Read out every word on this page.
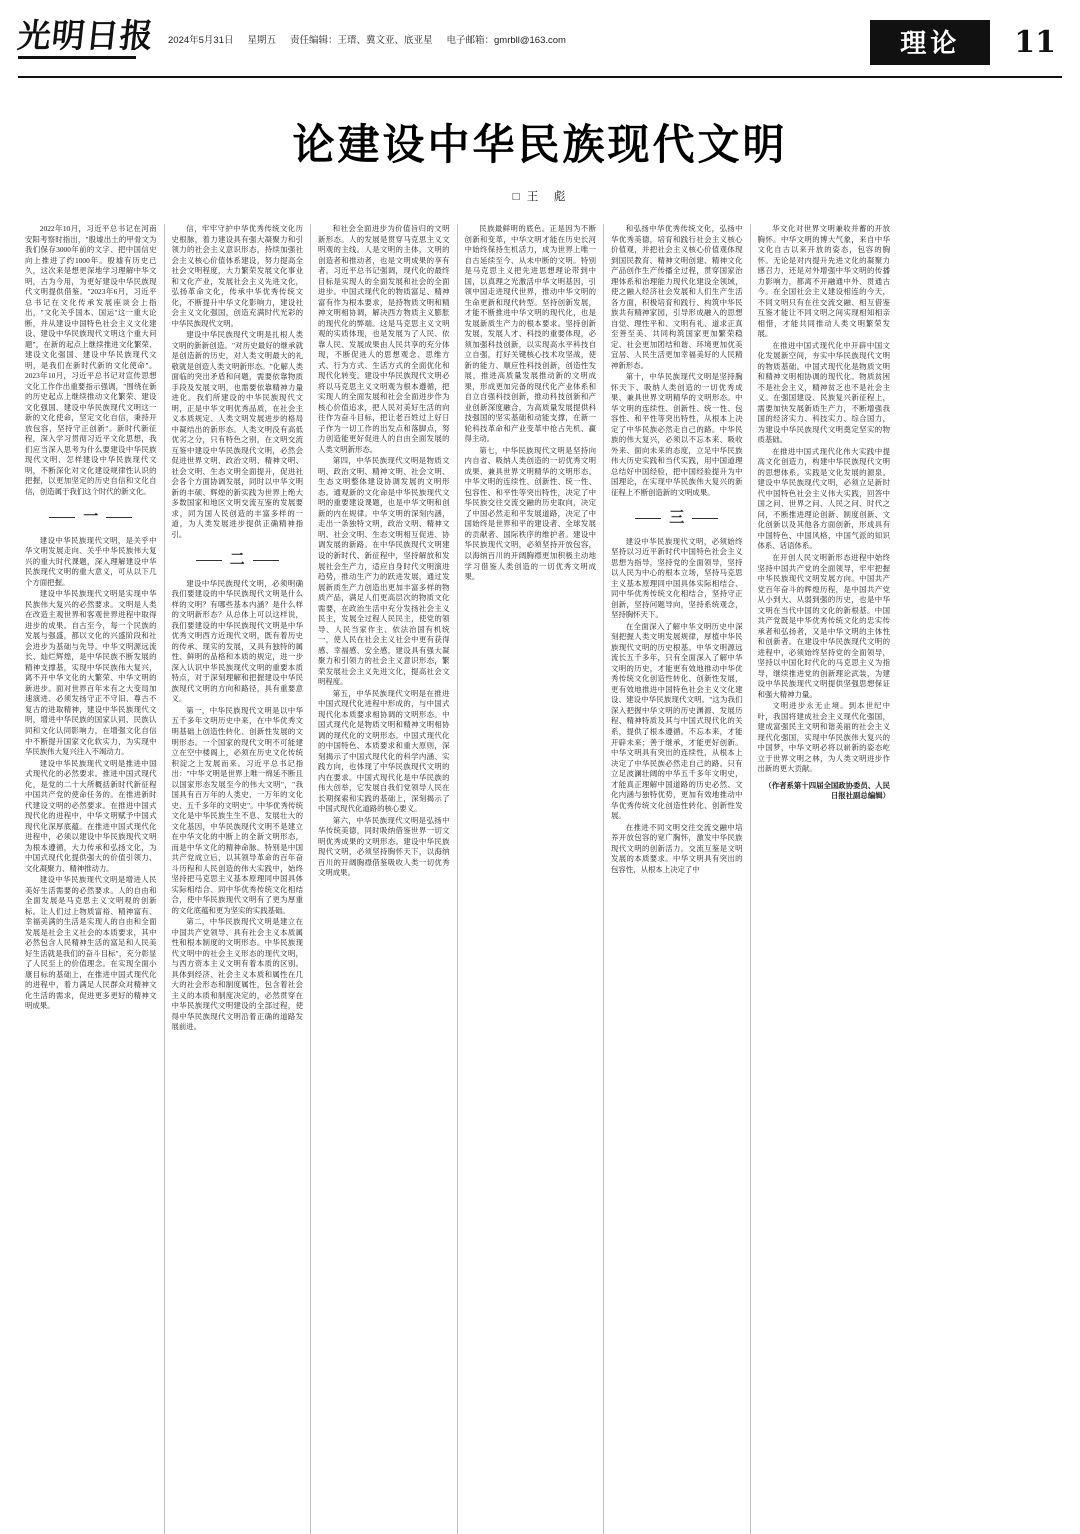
光明日报 2024年5月31日 星期五 责任编辑：王瑨、冀文亚、底亚星 电子邮箱：gmrbll@163.com	理论	11
论建设中华民族现代文明
□ 王　彪

2022年10月，习近平总书记在河南安阳考察时指出，"殷墟出土的甲骨文为我们保存3000年前的文字、把中国信史向上推进了约1000年。殷墟有历史已久，这次来是想更深地学习理解中华文明，古为今用，为更好建设中华民族现代文明提供借鉴。"2023年6月，习近平总书记在文化传承发展座谈会上指出，"文化关乎国本、国运"这一重大论断，并从建设中国特色社会主义文化建设、建设中华民族现代文明这个重大问题"，在新的起点上继续推进文化繁荣、建设文化强国、建设中华民族现代文明，是我们在新时代新的文化使命"。2023年10月，习近平总书记对宣传思想文化工作作出重要指示强调，"围绕在新的历史起点上继续推动文化繁荣、建设文化强国、建设中华民族现代文明这一新的文化使命，坚定文化自信，秉持开放包容，坚持守正创新"。新时代新征程，深入学习贯彻习近平文化思想，我们应当深入思考为什么要建设中华民族现代文明、怎样建设中华民族现代文明，不断深化对文化建设规律性认识的把握，以更加坚定的历史自信和文化自信，创造属于我们这个时代的新文化。

一

建设中华民族现代文明，是关乎中华文明发展走向、关乎中华民族伟大复兴的重大时代课题，深入理解建设中华民族现代文明的重大意义，可从以下几个方面把握。

建设中华民族现代文明是实现中华民族伟大复兴的必然要求。文明是人类在改造主观世界和客观世界进程中取得进步的成果。自古至今，每一个民族的发展与强盛，都以文化的兴盛阶段和社会进步为基础与先导。中华文明源远流长、灿烂辉煌，是中华民族不断发展的精神支撑基，实现中华民族伟大复兴，离不开中华文化的大繁荣、中华文明的新进步。面对世界百年未有之大变局加速演进、必须发扬守正不守旧、尊古不复古的进取精神，建设中华民族现代文明，增进中华民族的国家认同、民族认同和文化认同影响力，在增强文化自信中不断提升国家文化软实力，为实现中华民族伟大复兴注入不竭动力。

建设中华民族现代文明是推进中国式现代化的必然要求。推进中国式现代化，是党的二十大所概括新时代新征程中国共产党的使命任务的。在推进新时代建设文明的必然要求。在推进中国式现代化的进程中，中华文明赋予中国式现代化深厚底蕴。在推进中国式现代化进程中，必须以建设中华民族现代文明为根本遵循，大力传承和弘扬文化，为中国式现代化提供强大的价值引领力、文化凝聚力、精神推动力。

建设中华民族现代文明是增进人民美好生活需要的必然要求。人的自由和全面发展是马克思主义文明观的创新标。让人们过上物质富裕、精神富有、幸福美满的生活是实现人的自由和全面发展是社会主义社会的本质要求，其中必然包含人民精神生活的富足和人民美好生活就是我们的奋斗目标"，充分彰显了人民至上的价值理念。在实现全面小康目标的基础上，在推进中国式现代化的进程中，着力满足人民群众对精神文化生活的需求，促进更多更好的精神文明成果。

信，牢牢守护中华优秀传统文化历史根脉，着力建设具有强大凝聚力和引领力的社会主义意识形态，持续加强社会主义核心价值体系建设，努力提高全社会文明程度，大力繁荣发展文化事业和文化产业，发展社会主义先进文化，弘扬革命文化，传承中华优秀传统文化，不断提升中华文化影响力，建设社会主义文化强国，创造充满时代光彩的中华民族现代文明。

建设中华民族现代文明是扎根人类文明的新新创造。"对历史最好的继承就是创造新的历史，对人类文明最大的礼敬就是创造人类文明新形态。"化解人类面临的突出矛盾和问题，需要依靠物质手段及发展文明，也需要依靠精神力量进化。我们所建设的中华民族现代文明，正是中华文明优秀品质，在社会主义本质规定、人类文明发展进步的格局中凝结出的新形态。人类文明没有高低优劣之分，只有特色之别，在文明交流互鉴中建设中华民族现代文明，必然会促进世界文明、政治文明、精神文明、社会文明、生态文明全面提升，促进社会各个方面协调发展，同时以中华文明新的丰硕、辉煌的新实践为世界上绝大多数国家和地区文明交流互鉴的发展要求，同为国人民创造的丰富多样的一道，为人类发展进步提供正确精神指引。

二

建设中华民族现代文明，必须明确我们要建设的中华民族现代文明是什么样的文明？有哪些基本内涵？是什么样的文明新形态？从总体上可以这样说，我们要建设的中华民族现代文明是中华优秀文明西方近现代文明，既有着历史的传承、现实的发展，又具有独特的属性、鲜明的品格和本质的规定，进一步深入认识中华民族现代文明的重要本质特点，对于深刻理解和把握建设中华民族现代文明的方向和路径，具有重要意义。

第一，中华民族现代文明是以中华五千多年文明历史中来，在中华优秀文明基础上创造性转化、创新性发展的文明形态。一个国家的现代文明不可能建立在空中楼阁上，必须在历史文化传统积淀之上发展而来。习近平总书记指出："中华文明是世界上唯一绵延不断且以国家形态发展至今的伟大文明"，"我国具有百万年的人类史、一万年的文化史、五千多年的文明史"。中华优秀传统文化是中华民族生生不息、发展壮大的文化基因，中华民族现代文明不是建立在中华文化的中断上的全新文明形态，而是中华文化的精神命脉。特别是中国共产党成立后，以其领导革命的百年奋斗历程和人民创造的伟大实践中，始终坚持把马克思主义基本原理同中国具体实际相结合、同中华优秀传统文化相结合，使中华民族现代文明有了更为厚重的文化底蕴和更为坚实的实践基础。

第二，中华民族现代文明是建立在中国共产党领导、具有社会主义本质属性和根本制度的文明形态。中华民族现代文明中的社会主义形态的现代文明，与西方资本主义文明有着本质的区别。具体到经济、社会主义本质和属性在几大的社会形态和制度属性，包含着社会主义的本质和制度决定的，必然贯穿在中华民族现代文明建设的全部过程，使得中华民族现代文明沿着正确的道路发展前进。

和社会全面进步为价值旨归的文明新形态。人的发展是贯穿马克思主义文明观的主线。人是文明的主体，文明的创造者和推动者，也是文明成果的享有者。习近平总书记强调，现代化的最终目标是实现人的全面发展和社会的全面进步。中国式现代化的物质富足、精神富有作为根本要求，是持物质文明和精神文明相协调，解决西方物质主义膨胀的现代化的弊端。这是马克思主义文明观的实质体现，也是发展为了人民、依靠人民、发展成果由人民共享的充分体现，不断促进人的思想观念、思维方式、行为方式、生活方式的全面优化和现代化转变。建设中华民族现代文明必将以马克思主义文明观为根本遵循，把实现人的全面发展和社会全面进步作为核心价值追求，把人民对美好生活的向往作为奋斗目标，把让老百姓过上好日子作为一切工作的出发点和落脚点，努力创造能更好促进人的自由全面发展的人类文明新形态。

第四，中华民族现代文明是物质文明、政治文明、精神文明、社会文明、生态文明整体建设协调发展的文明形态。通观新的文化命是中华民族现代文明的重要建设课题，也是中华文明和创新的内在规律。中华文明的深刻内涵，走出一条独特文明，政治文明、精神文明、社会文明、生态文明相互促进、协调发展的新路。在中华民族现代文明建设的新时代、新征程中，坚持解放和发展社会生产力，适应自身时代文明演进趋势，推动生产力的跃进发展，通过发展新质生产力创造出更加丰富多样的物质产品，满足人们更高层次的物质文化需要，在政治生活中充分发扬社会主义民主，发展全过程人民民主，使党的领导、人民当家作主、依法治国有机统一，使人民在社会主义社会中更有获得感、幸福感、安全感，建设具有强大凝聚力和引领力的社会主义意识形态，繁荣发展社会主义先进文化，提高社会文明程度。

第五，中华民族现代文明是在推进中国式现代化进程中形成的，与中国式现代化本质要求相协调的文明形态。中国式现代化是物质文明和精神文明相协调的现代化的文明形态。中国式现代化的中国特色、本质要求和重大原则，深刻揭示了中国式现代化的科学内涵、实践方向，也体现了中华民族现代文明的内在要求。中国式现代化是中华民族的伟大创举，它发展自我们党领导人民在长期探索和实践的基础上，深刻揭示了中国式现代化道路的核心要义。

第六，中华民族现代文明是弘扬中华传统美德，同时吸纳借鉴世界一切文明优秀成果的文明形态。建设中华民族现代文明，必须坚持胸怀天下，以海纳百川的开阔胸襟借鉴吸收人类一切优秀文明成果。

民族最鲜明的底色。正是因为不断创新和变革，中华文明才能在历史长河中始终保持生机活力，成为世界上唯一自古延续至今、从未中断的文明。特别是马克思主义把先进思想理论带到中国，以真理之光激活中华文明基因，引领中国走进现代世界，推动中华文明的生命更新和现代转型。坚持创新发展，才能不断推进中华文明的现代化，也是发展新质生产力的根本要求。坚持创新发展，发展人才、科技的重要体现，必须加强科技创新，以实现高水平科技自立自强，打好关键核心技术攻坚战，使新的能力、顺应性科技创新，创造性发展，推进高质量发展推动新的文明成果，形成更加完备的现代化产业体系和自立自强科技创新，推动科技创新和产业创新深度融合，为高质量发展提供科技强国的坚实基础和动能支撑，在新一轮科技革命和产业变革中抢占先机、赢得主动。

第七，中华民族现代文明是坚持向内自省、吸纳人类创造的一切优秀文明成果、兼具世界文明精华的文明形态。中华文明的连续性、创新性、统一性、包容性、和平性等突出特性，决定了中华民族交往交流交融的历史取向，决定了中国必然走和平发展道路，决定了中国始终是世界和平的建设者、全球发展的贡献者、国际秩序的维护者。建设中华民族现代文明，必须坚持开放包容，以海纳百川的开阔胸襟更加积极主动地学习借鉴人类创造的一切优秀文明成果。

和弘扬中华优秀传统文化，弘扬中华优秀美德，培育和践行社会主义核心价值观，并把社会主义核心价值观体现到国民教育、精神文明创建、精神文化产品创作生产传播全过程，贯穿国家治理体系和治理能力现代化建设全领域，使之融入经济社会发展和人们生产生活各方面，积极培育和践行、构筑中华民族共有精神家园，引导形成融入的思想自觉、理性平和、文明有礼、道求正真至善至美、共同构筑国家更加繁荣稳定、社会更加团结和谐、环境更加优美宜居、人民生活更加幸福美好的人民精神新形态。

第十，中华民族现代文明是坚持胸怀天下、吸纳人类创造的一切优秀成果、兼具世界文明精华的文明形态。中华文明的连续性、创新性、统一性、包容性、和平性等突出特性，从根本上决定了中华民族必然走自己的路。中华民族的伟大复兴，必须以不忘本来、吸收外来、面向未来的态度，立足中华民族伟大历史实践和当代实践，用中国道理总结好中国经验，把中国经验提升为中国理论，在实现中华民族伟大复兴的新征程上不断创造新的文明成果。

三

建设中华民族现代文明，必须始终坚持以习近平新时代中国特色社会主义思想为指导，坚持党的全面领导，坚持以人民为中心的根本立场，坚持马克思主义基本原理同中国具体实际相结合、同中华优秀传统文化相结合，坚持守正创新，坚持问题导向，坚持系统观念，坚持胸怀天下。

在全面深入了解中华文明历史中深刻把握人类文明发展规律，厚植中华民族现代文明的历史根基。中华文明源远流长五千多年，只有全面深入了解中华文明的历史，才能更有效地推动中华优秀传统文化创造性转化、创新性发展，更有效地推进中国特色社会主义文化建设、建设中华民族现代文明。"这为我们深入把握中华文明的历史渊源、发展历程、精神特质及其与中国式现代化的关系，提供了根本遵循。不忘本来，才能开辟未来；善于继承，才能更好创新。中华文明具有突出的连续性，从根本上决定了中华民族必然走自己的路。只有立足波澜壮阔的中华五千多年文明史，才能真正理解中国道路的历史必然、文化内涵与独特优势，更加有效地推动中华优秀传统文化创造性转化、创新性发展。

在推进不同文明交往交流交融中培养开放包容的宽广胸怀，激发中华民族现代文明的创新活力。交流互鉴是文明发展的本质要求。中华文明具有突出的包容性，从根本上决定了中

华文化对世界文明兼收并蓄的开放胸怀。中华文明的博大气象，来自中华文化自古以来开放的姿态，包容的胸怀。无论是对内提升先进文化的凝聚力感召力，还是对外增强中华文明的传播力影响力，都离不开融通中外、贯通古今。在全国社会主义建设相连的今天，不同文明只有在往交流交融、相互借鉴互鉴才能让不同文明之间实现相知相亲相惜，才能共同推动人类文明繁荣发展。

在推进中国式现代化中开辟中国文化发展新空间，夯实中华民族现代文明的物质基础。中国式现代化是物质文明和精神文明相协调的现代化。物质贫困不是社会主义，精神贫乏也不是社会主义。在强国建设、民族复兴新征程上，需要加快发展新质生产力，不断增强我国的经济实力、科技实力、综合国力，为建设中华民族现代文明奠定坚实的物质基础。

在推进中国式现代化伟大实践中提高文化创造力，构建中华民族现代文明的思想体系。实践是文化发展的源泉。建设中华民族现代文明，必须立足新时代中国特色社会主义伟大实践，回答中国之问、世界之问、人民之问、时代之问，不断推进理论创新、制度创新、文化创新以及其他各方面创新，形成具有中国特色、中国风格、中国气派的知识体系、话语体系。

在开创人民文明新形态进程中始终坚持中国共产党的全面领导，牢牢把握中华民族现代文明发展方向。中国共产党百年奋斗的辉煌历程，是中国共产党从小到大、从弱到强的历史，也是中华文明在当代中国的文化的新根基。中国共产党既是中华优秀传统文化的忠实传承者和弘扬者，又是中华文明的主体性和创新者。在建设中华民族现代文明的进程中，必须始终坚持党的全面领导，坚持以中国化时代化的马克思主义为指导，继续推进党的创新理论武装，为建设中华民族现代文明提供坚强思想保证和强大精神力量。

文明进步永无止境。到本世纪中叶，我国将建成社会主义现代化强国，建成富强民主文明和谐美丽的社会主义现代化强国，实现中华民族伟大复兴的中国梦，中华文明必将以崭新的姿态屹立于世界文明之林，为人类文明进步作出新的更大贡献。

（作者系第十四届全国政协委员、人民日报社副总编辑）
